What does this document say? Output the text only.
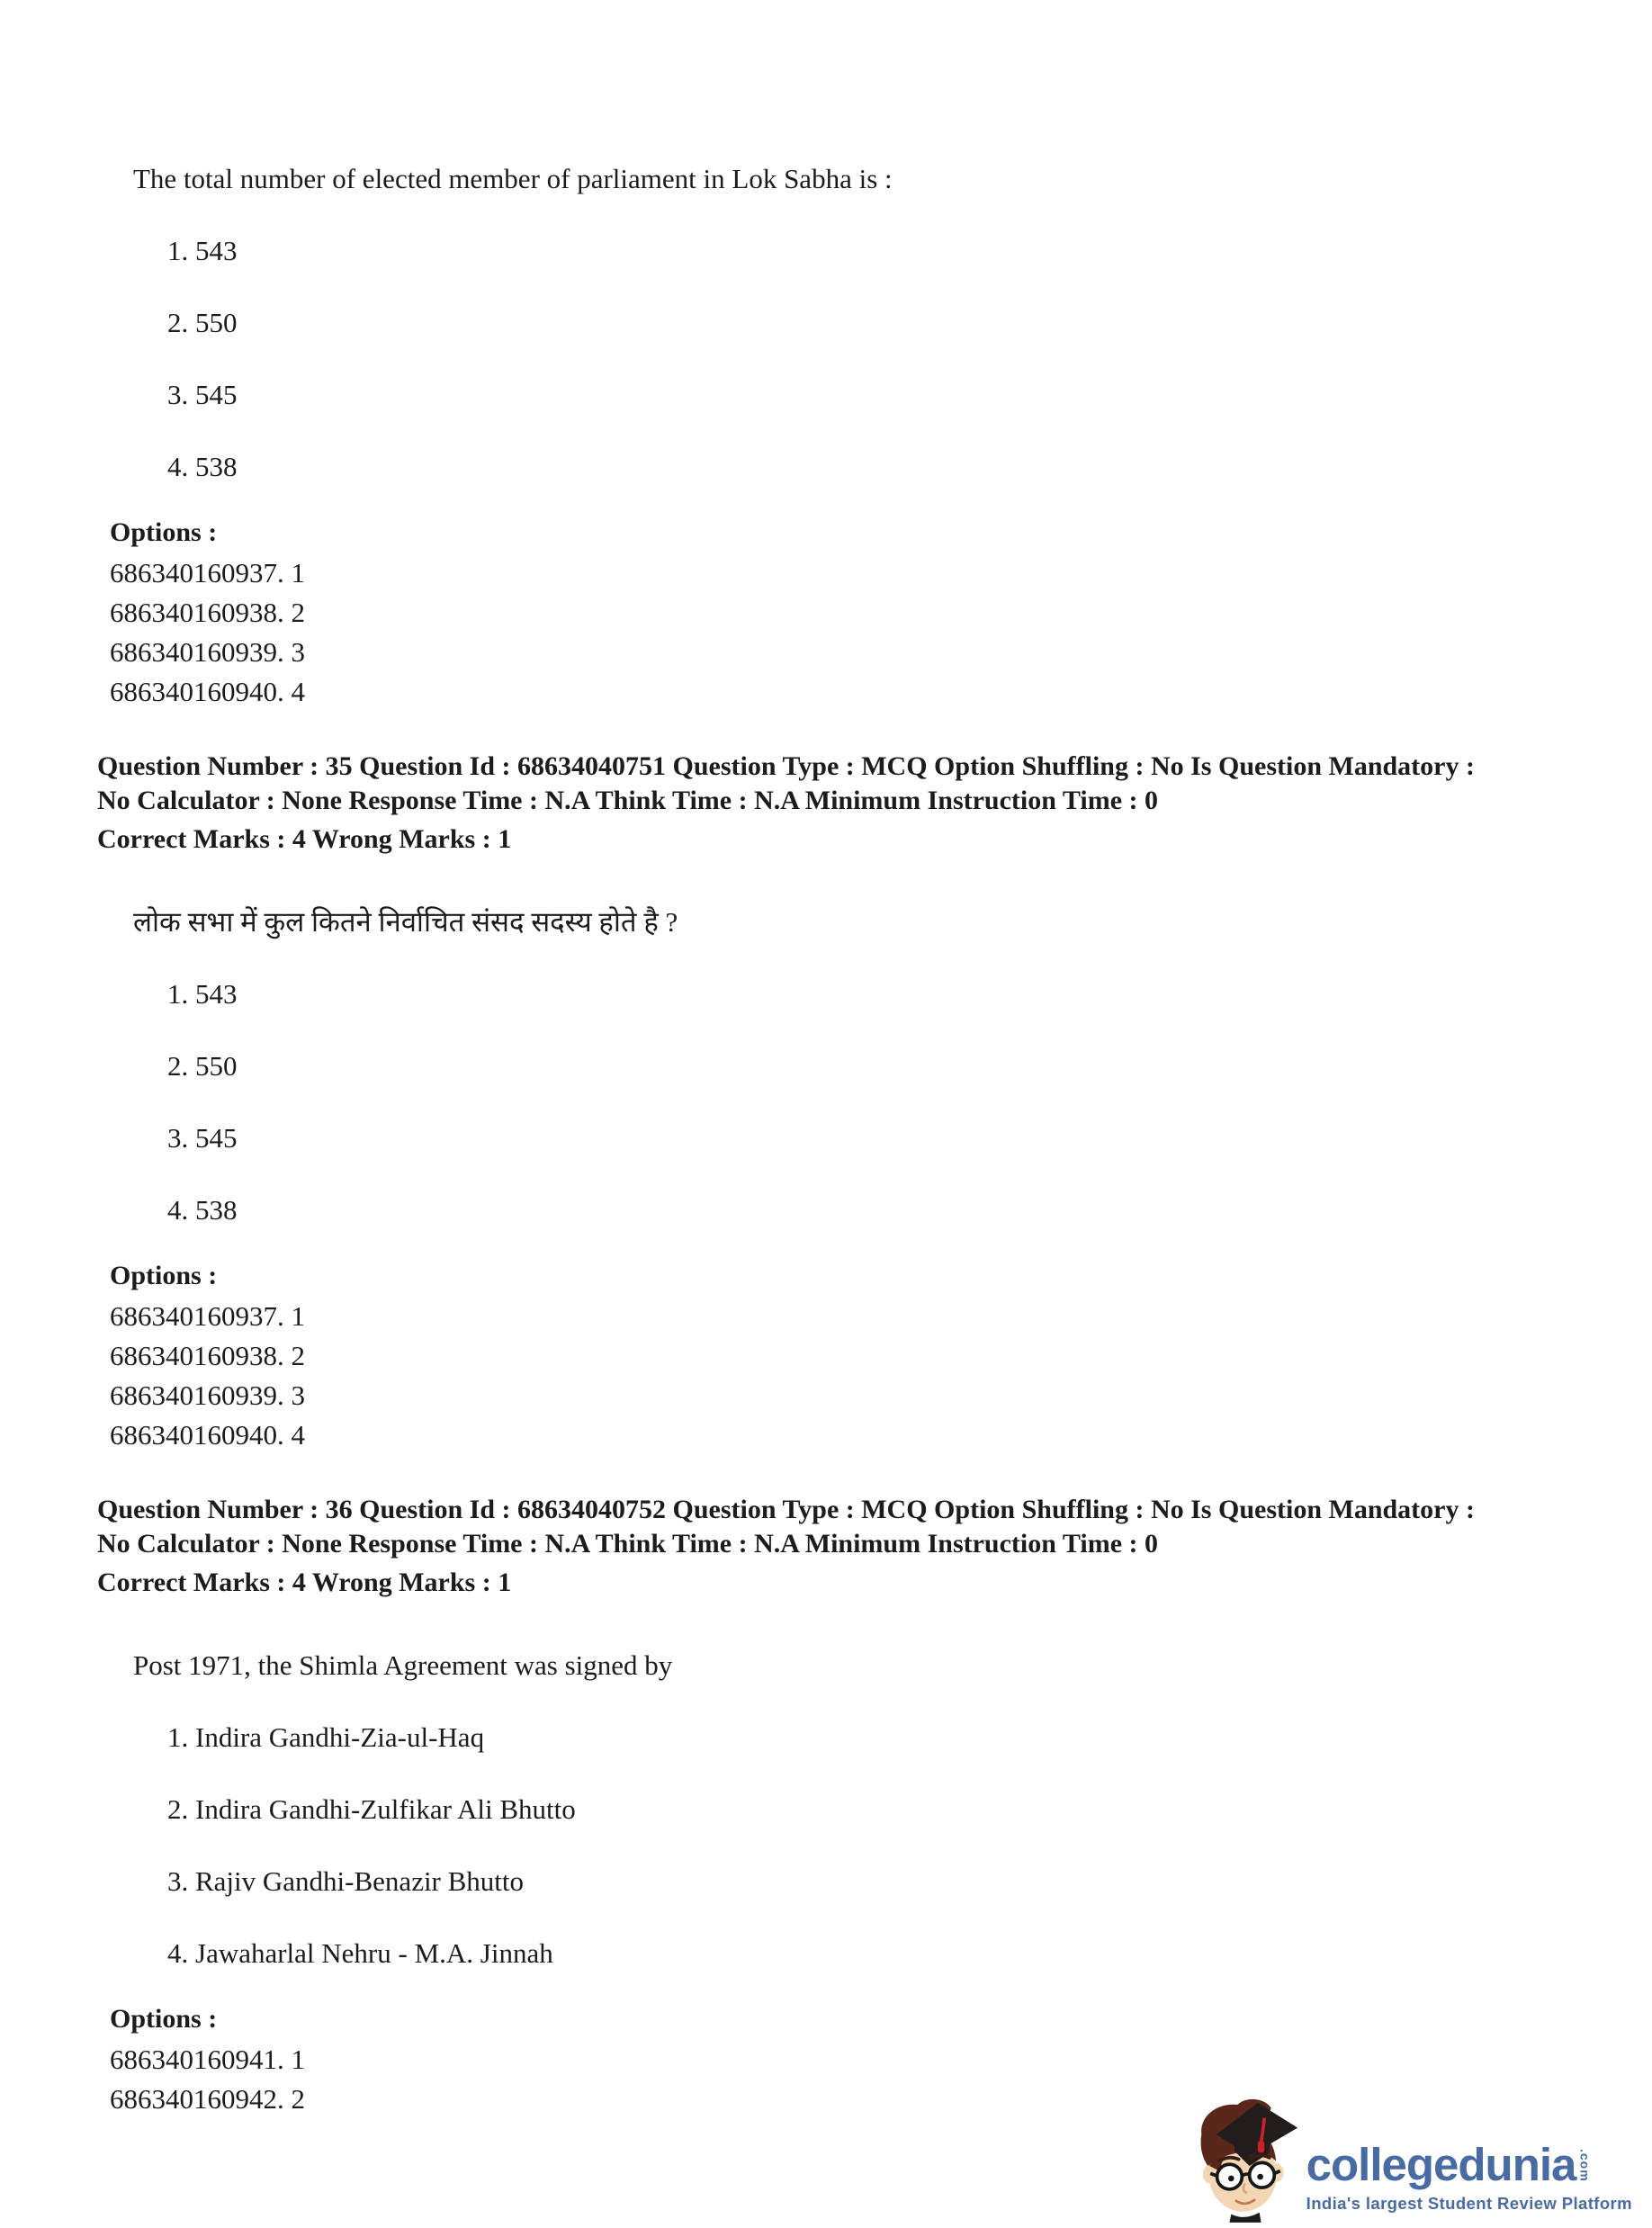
The total number of elected member of parliament in Lok Sabha is :

1. 543

2. 550

3. 545

4. 538

Options :

686340160937. 1

686340160938. 2

686340160939. 3

686340160940. 4

Question Number : 35 Question Id : 68634040751 Question Type : MCQ Option Shuffling : No Is Question Mandatory :

No Calculator : None Response Time : N.A Think Time : N.A Minimum Instruction Time : 0

Correct Marks : 4 Wrong Marks : 1

लोक सभा में कुल कितने निर्वाचित संसद सदस्य होते है ?

1. 543

2. 550

3. 545

4. 538

Options :

686340160937. 1

686340160938. 2

686340160939. 3

686340160940. 4

Question Number : 36 Question Id : 68634040752 Question Type : MCQ Option Shuffling : No Is Question Mandatory :

No Calculator : None Response Time : N.A Think Time : N.A Minimum Instruction Time : 0

Correct Marks : 4 Wrong Marks : 1

Post 1971, the Shimla Agreement was signed by

1. Indira Gandhi-Zia-ul-Haq

2. Indira Gandhi-Zulfikar Ali Bhutto

3. Rajiv Gandhi-Benazir Bhutto

4. Jawaharlal Nehru - M.A. Jinnah

Options :

686340160941. 1

686340160942. 2

collegedunia .com
India's largest Student Review Platform
